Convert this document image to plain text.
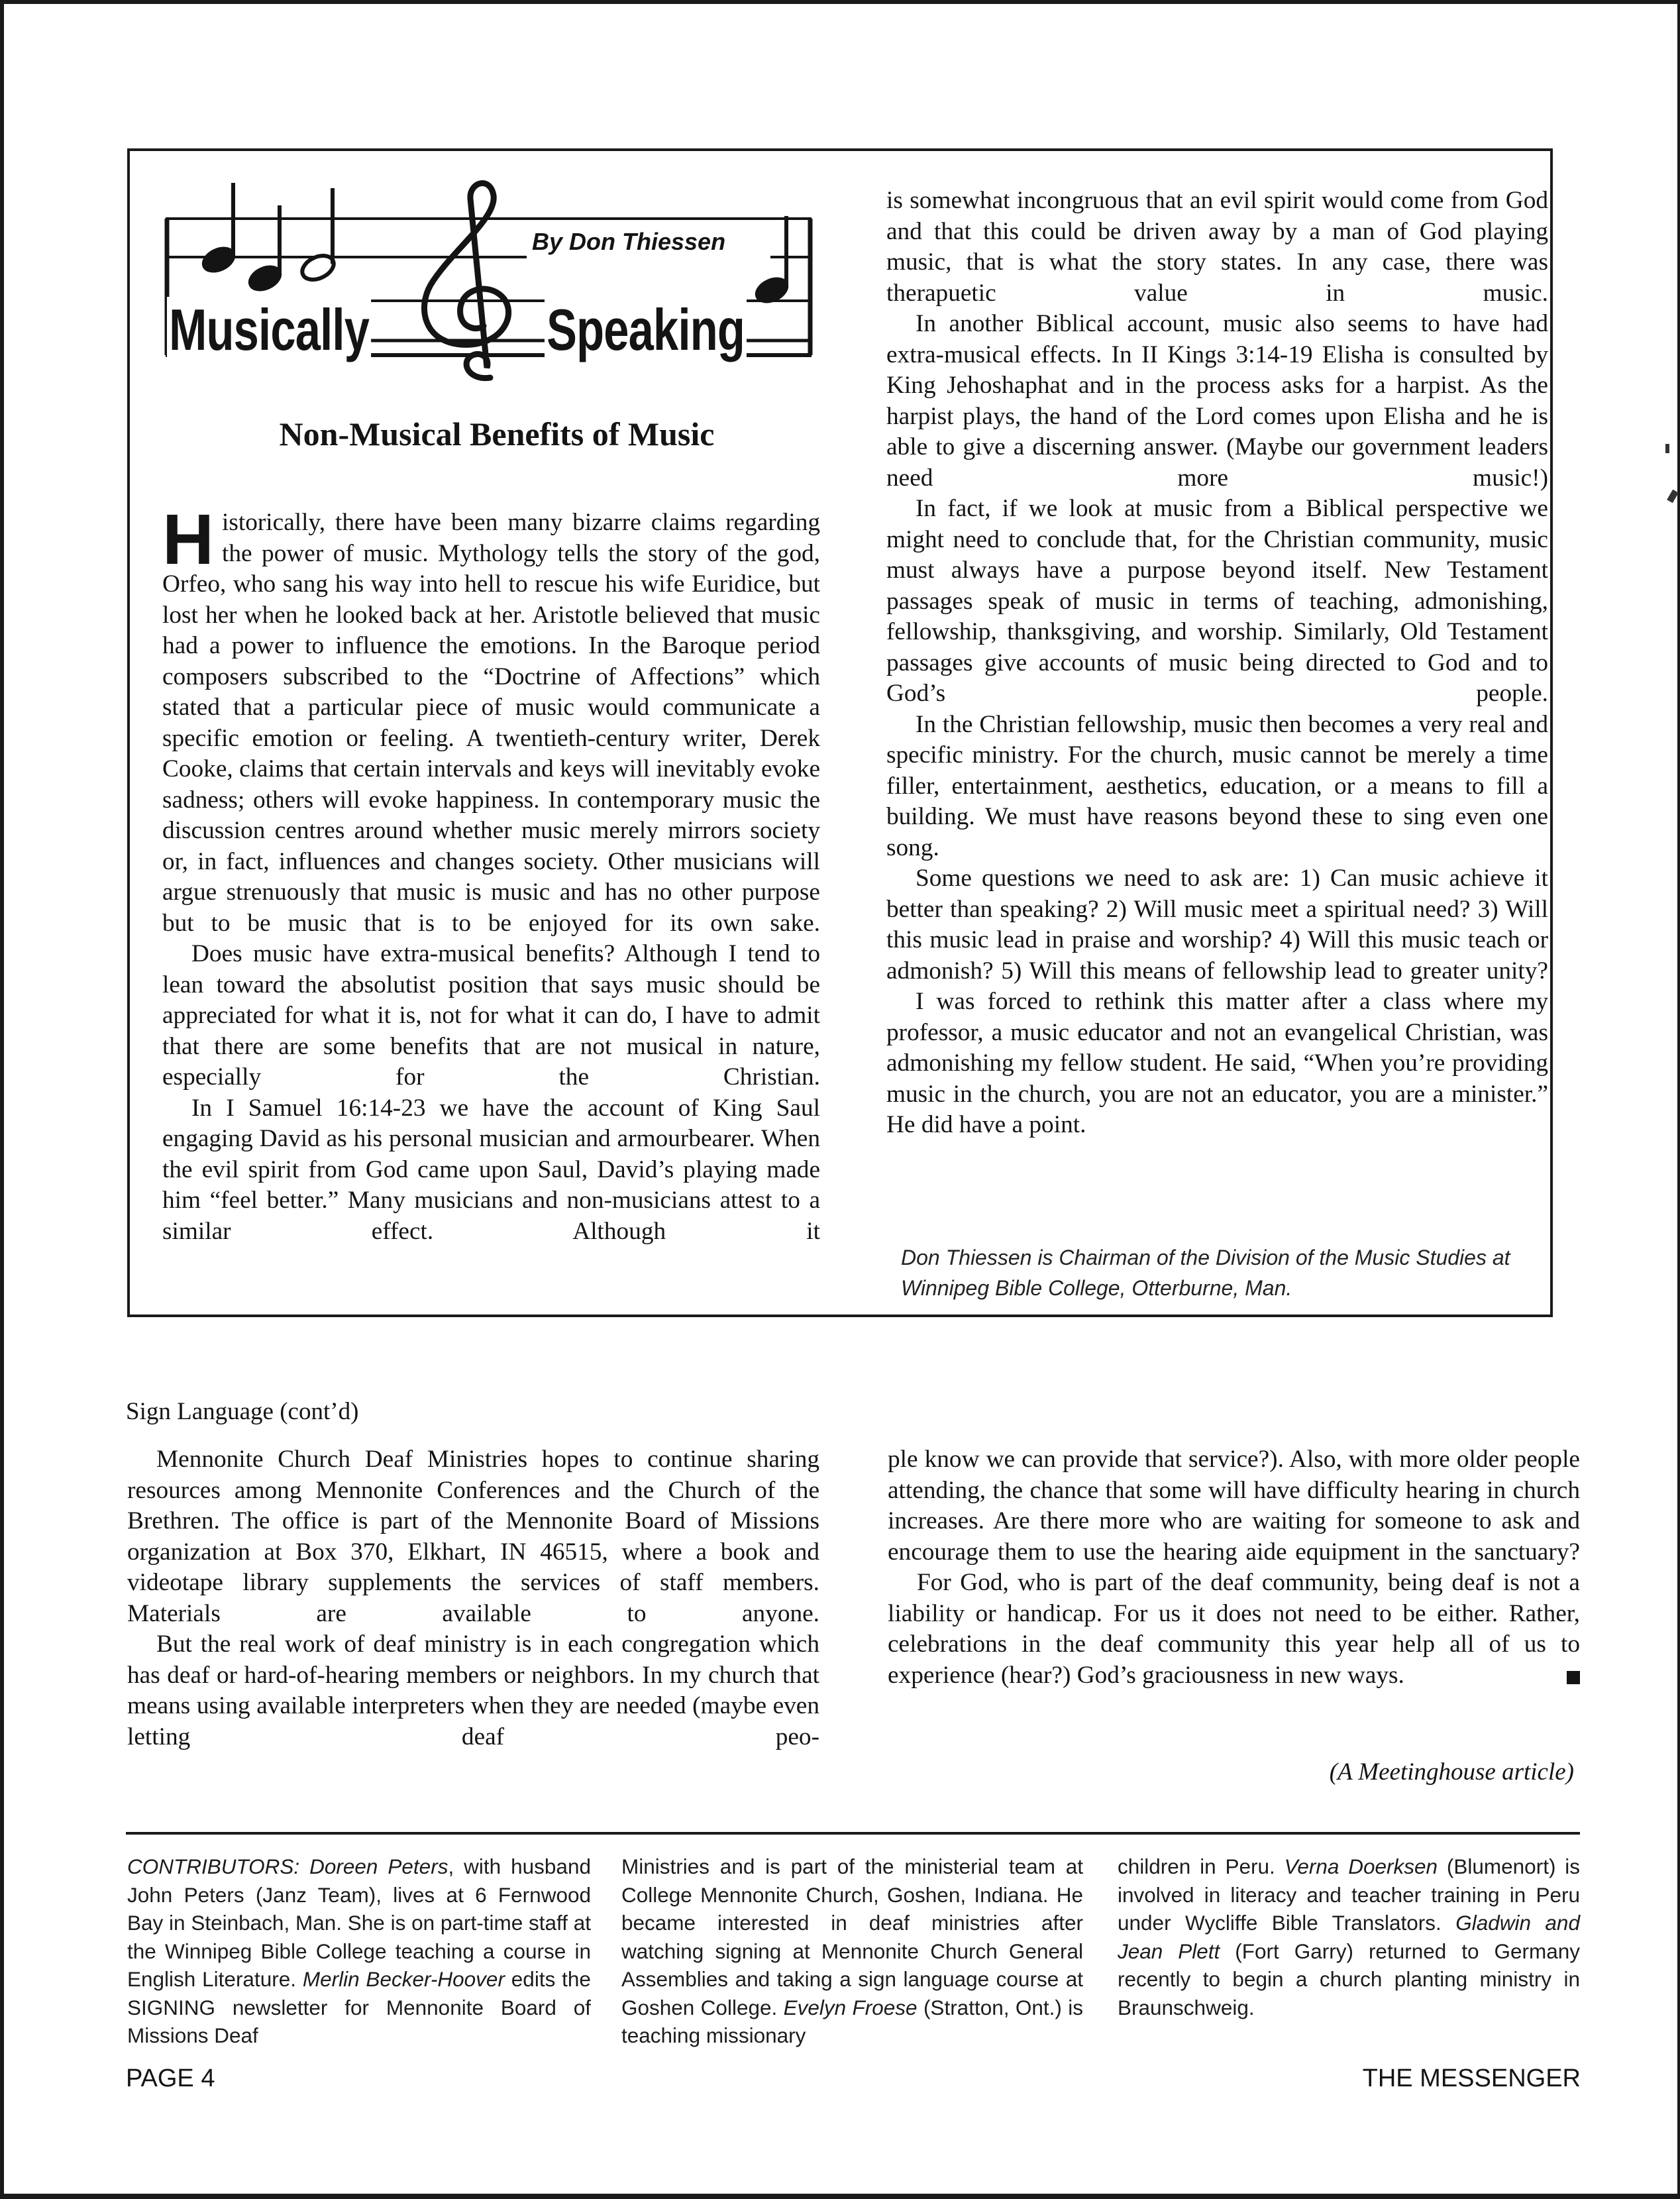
By Don Thiessen
Musically	Speaking
Non-Musical Benefits of Music

Historically, there have been many bizarre claims regarding the power of music. Mythology tells the story of the god, Orfeo, who sang his way into hell to rescue his wife Euridice, but lost her when he looked back at her. Aristotle believed that music had a power to influence the emotions. In the Baroque period composers subscribed to the “Doctrine of Affections” which stated that a particular piece of music would communicate a specific emotion or feeling. A twentieth-century writer, Derek Cooke, claims that certain intervals and keys will inevitably evoke sadness; others will evoke happiness. In contemporary music the discussion centres around whether music merely mirrors society or, in fact, influences and changes society. Other musicians will argue strenuously that music is music and has no other purpose but to be music that is to be enjoyed for its own sake.

Does music have extra-musical benefits? Although I tend to lean toward the absolutist position that says music should be appreciated for what it is, not for what it can do, I have to admit that there are some benefits that are not musical in nature, especially for the Christian.

In I Samuel 16:14-23 we have the account of King Saul engaging David as his personal musician and armourbearer. When the evil spirit from God came upon Saul, David’s playing made him “feel better.” Many musicians and non-musicians attest to a similar effect. Although it

is somewhat incongruous that an evil spirit would come from God and that this could be driven away by a man of God playing music, that is what the story states. In any case, there was therapuetic value in music.

In another Biblical account, music also seems to have had extra-musical effects. In II Kings 3:14-19 Elisha is consulted by King Jehoshaphat and in the process asks for a harpist. As the harpist plays, the hand of the Lord comes upon Elisha and he is able to give a discerning answer. (Maybe our government leaders need more music!)

In fact, if we look at music from a Biblical perspective we might need to conclude that, for the Christian community, music must always have a purpose beyond itself. New Testament passages speak of music in terms of teaching, admonishing, fellowship, thanksgiving, and worship. Similarly, Old Testament passages give accounts of music being directed to God and to God’s people.

In the Christian fellowship, music then becomes a very real and specific ministry. For the church, music cannot be merely a time filler, entertainment, aesthetics, education, or a means to fill a building. We must have reasons beyond these to sing even one song.

Some questions we need to ask are: 1) Can music achieve it better than speaking? 2) Will music meet a spiritual need? 3) Will this music lead in praise and worship? 4) Will this music teach or admonish? 5) Will this means of fellowship lead to greater unity?

I was forced to rethink this matter after a class where my professor, a music educator and not an evangelical Christian, was admonishing my fellow student. He said, “When you’re providing music in the church, you are not an educator, you are a minister.” He did have a point.

Don Thiessen is Chairman of the Division of the Music Studies at Winnipeg Bible College, Otterburne, Man.
Sign Language (cont’d)

Mennonite Church Deaf Ministries hopes to continue sharing resources among Mennonite Conferences and the Church of the Brethren. The office is part of the Mennonite Board of Missions organization at Box 370, Elkhart, IN 46515, where a book and videotape library supplements the services of staff members. Materials are available to anyone.

But the real work of deaf ministry is in each congregation which has deaf or hard-of-hearing members or neighbors. In my church that means using available interpreters when they are needed (maybe even letting deaf peo-

ple know we can provide that service?). Also, with more older people attending, the chance that some will have difficulty hearing in church increases. Are there more who are waiting for someone to ask and encourage them to use the hearing aide equipment in the sanctuary?

For God, who is part of the deaf community, being deaf is not a liability or handicap. For us it does not need to be either. Rather, celebrations in the deaf community this year help all of us to experience (hear?) God’s graciousness in new ways.

(A Meetinghouse article)
CONTRIBUTORS: Doreen Peters, with husband John Peters (Janz Team), lives at 6 Fernwood Bay in Steinbach, Man. She is on part-time staff at the Winnipeg Bible College teaching a course in English Literature. Merlin Becker-Hoover edits the SIGNING newsletter for Mennonite Board of Missions Deaf
Ministries and is part of the ministerial team at College Mennonite Church, Goshen, Indiana. He became interested in deaf ministries after watching signing at Mennonite Church General Assemblies and taking a sign language course at Goshen College. Evelyn Froese (Stratton, Ont.) is teaching missionary
children in Peru. Verna Doerksen (Blumenort) is involved in literacy and teacher training in Peru under Wycliffe Bible Translators. Gladwin and Jean Plett (Fort Garry) returned to Germany recently to begin a church planting ministry in Braunschweig.
PAGE 4	THE MESSENGER
